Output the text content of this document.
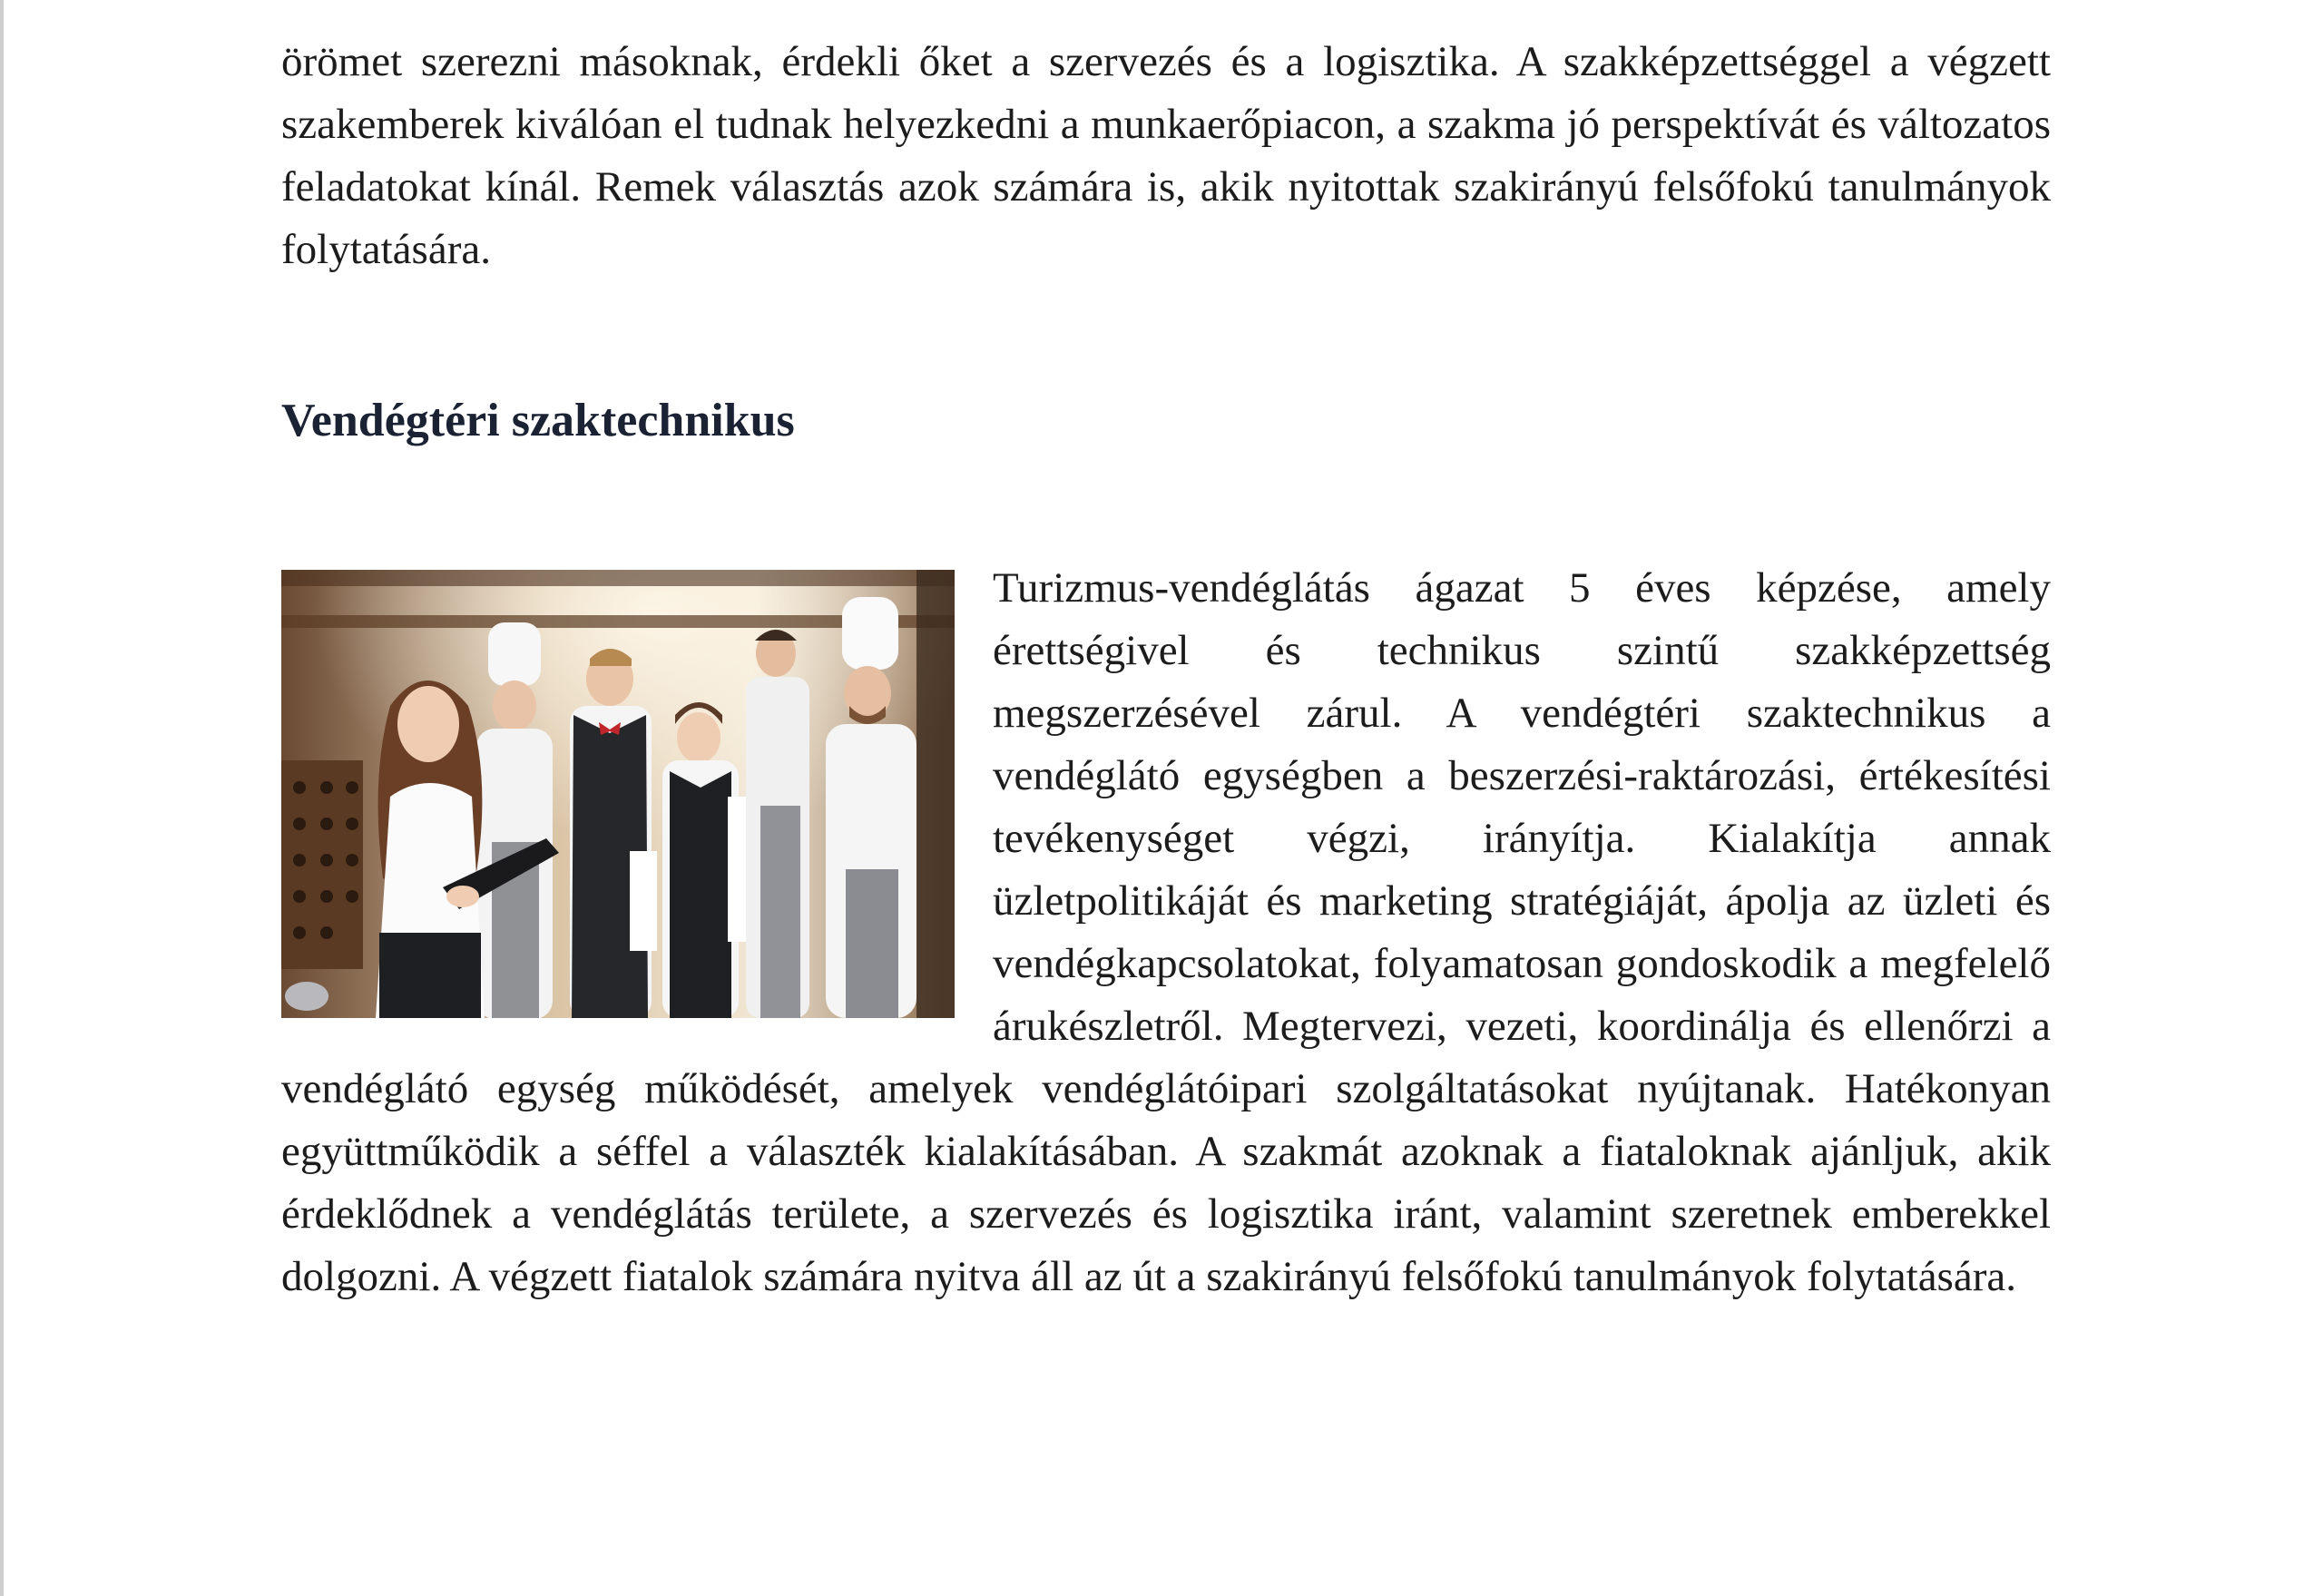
örömet szerezni másoknak, érdekli őket a szervezés és a logisztika. A szakképzettséggel a végzett szakemberek kiválóan el tudnak helyezkedni a munkaerőpiacon, a szakma jó perspektívát és változatos feladatokat kínál. Remek választás azok számára is, akik nyitottak szakirányú felsőfokú tanulmányok folytatására.

Vendégtéri szaktechnikus

Turizmus-vendéglátás ágazat 5 éves képzése, amely érettségivel és technikus szintű szakképzettség megszerzésével zárul. A vendégtéri szaktechnikus a vendéglátó egységben a beszerzési-raktározási, értékesítési tevékenységet végzi, irányítja. Kialakítja annak üzletpolitikáját és marketing stratégiáját, ápolja az üzleti és vendégkapcsolatokat, folyamatosan gondoskodik a megfelelő árukészletről. Megtervezi, vezeti, koordinálja és ellenőrzi a vendéglátó egység működését, amelyek vendéglátóipari szolgáltatásokat nyújtanak. Hatékonyan együttműködik a séffel a választék kialakításában. A szakmát azoknak a fiataloknak ajánljuk, akik érdeklődnek a vendéglátás területe, a szervezés és logisztika iránt, valamint szeretnek emberekkel dolgozni. A végzett fiatalok számára nyitva áll az út a szakirányú felsőfokú tanulmányok folytatására.
